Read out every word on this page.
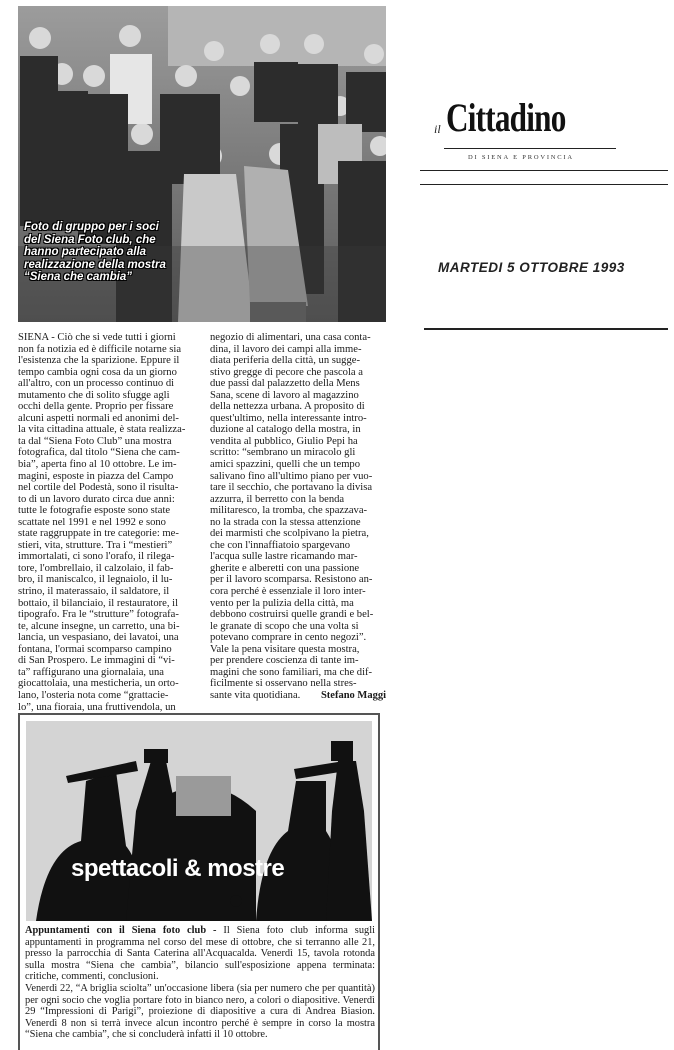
Foto di gruppo per i soci
del Siena Foto club, che
hanno partecipato alla
realizzazione della mostra
“Siena che cambia”
il Cittadino
DI SIENA E PROVINCIA
MARTEDI 5 OTTOBRE 1993
SIENA - Ciò che si vede tutti i giorni
non fa notizia ed è difficile notarne sia
l'esistenza che la sparizione. Eppure il
tempo cambia ogni cosa da un giorno
all'altro, con un processo continuo di
mutamento che di solito sfugge agli
occhi della gente. Proprio per fissare
alcuni aspetti normali ed anonimi del-
la vita cittadina attuale, è stata realizza-
ta dal “Siena Foto Club” una mostra
fotografica, dal titolo “Siena che cam-
bia”, aperta fino al 10 ottobre. Le im-
magini, esposte in piazza del Campo
nel cortile del Podestà, sono il risulta-
to di un lavoro durato circa due anni:
tutte le fotografie esposte sono state
scattate nel 1991 e nel 1992 e sono
state raggruppate in tre categorie: me-
stieri, vita, strutture. Tra i “mestieri”
immortalati, ci sono l'orafo, il rilega-
tore, l'ombrellaio, il calzolaio, il fab-
bro, il maniscalco, il legnaiolo, il lu-
strino, il materassaio, il saldatore, il
bottaio, il bilanciaio, il restauratore, il
tipografo. Fra le “strutture” fotografa-
te, alcune insegne, un carretto, una bi-
lancia, un vespasiano, dei lavatoi, una
fontana, l'ormai scomparso campino
di San Prospero. Le immagini di “vi-
ta” raffigurano una giornalaia, una
giocattolaia, una mesticheria, un orto-
lano, l'osteria nota come “grattacie-
lo”, una fioraia, una fruttivendola, un
negozio di alimentari, una casa conta-
dina, il lavoro dei campi alla imme-
diata periferia della città, un sugge-
stivo gregge di pecore che pascola a
due passi dal palazzetto della Mens
Sana, scene di lavoro al magazzino
della nettezza urbana. A proposito di
quest'ultimo, nella interessante intro-
duzione al catalogo della mostra, in
vendita al pubblico, Giulio Pepi ha
scritto: “sembrano un miracolo gli
amici spazzini, quelli che un tempo
salivano fino all'ultimo piano per vuo-
tare il secchio, che portavano la divisa
azzurra, il berretto con la benda
militaresco, la tromba, che spazzava-
no la strada con la stessa attenzione
dei marmisti che scolpivano la pietra,
che con l'innaffiatoio spargevano
l'acqua sulle lastre ricamando mar-
gherite e alberetti con una passione
per il lavoro scomparsa. Resistono an-
cora perché è essenziale il loro inter-
vento per la pulizia della città, ma
debbono costruirsi quelle grandi e bel-
le granate di scopo che una volta si
potevano comprare in cento negozi”.
Vale la pena visitare questa mostra,
per prendere coscienza di tante im-
magini che sono familiari, ma che dif-
ficilmente si osservano nella stres-
sante vita quotidiana.	Stefano Maggi
spettacoli & mostre

Appuntamenti con il Siena foto club - Il Siena foto club informa sugli appuntamenti in programma nel corso del mese di ottobre, che si terranno alle 21, presso la parrocchia di Santa Caterina all'Acquacalda. Venerdì 15, tavola rotonda sulla mostra “Siena che cambia”, bilancio sull'esposizione appena terminata: critiche, commenti, conclusioni.

Venerdì 22, “A briglia sciolta” un'occasione libera (sia per numero che per quantità) per ogni socio che voglia portare foto in bianco nero, a colori o diapositive. Venerdì 29 “Impressioni di Parigi”, proiezione di diapositive a cura di Andrea Biasion. Venerdì 8 non si terrà invece alcun incontro perché è sempre in corso la mostra “Siena che cambia”, che si concluderà infatti il 10 ottobre.
